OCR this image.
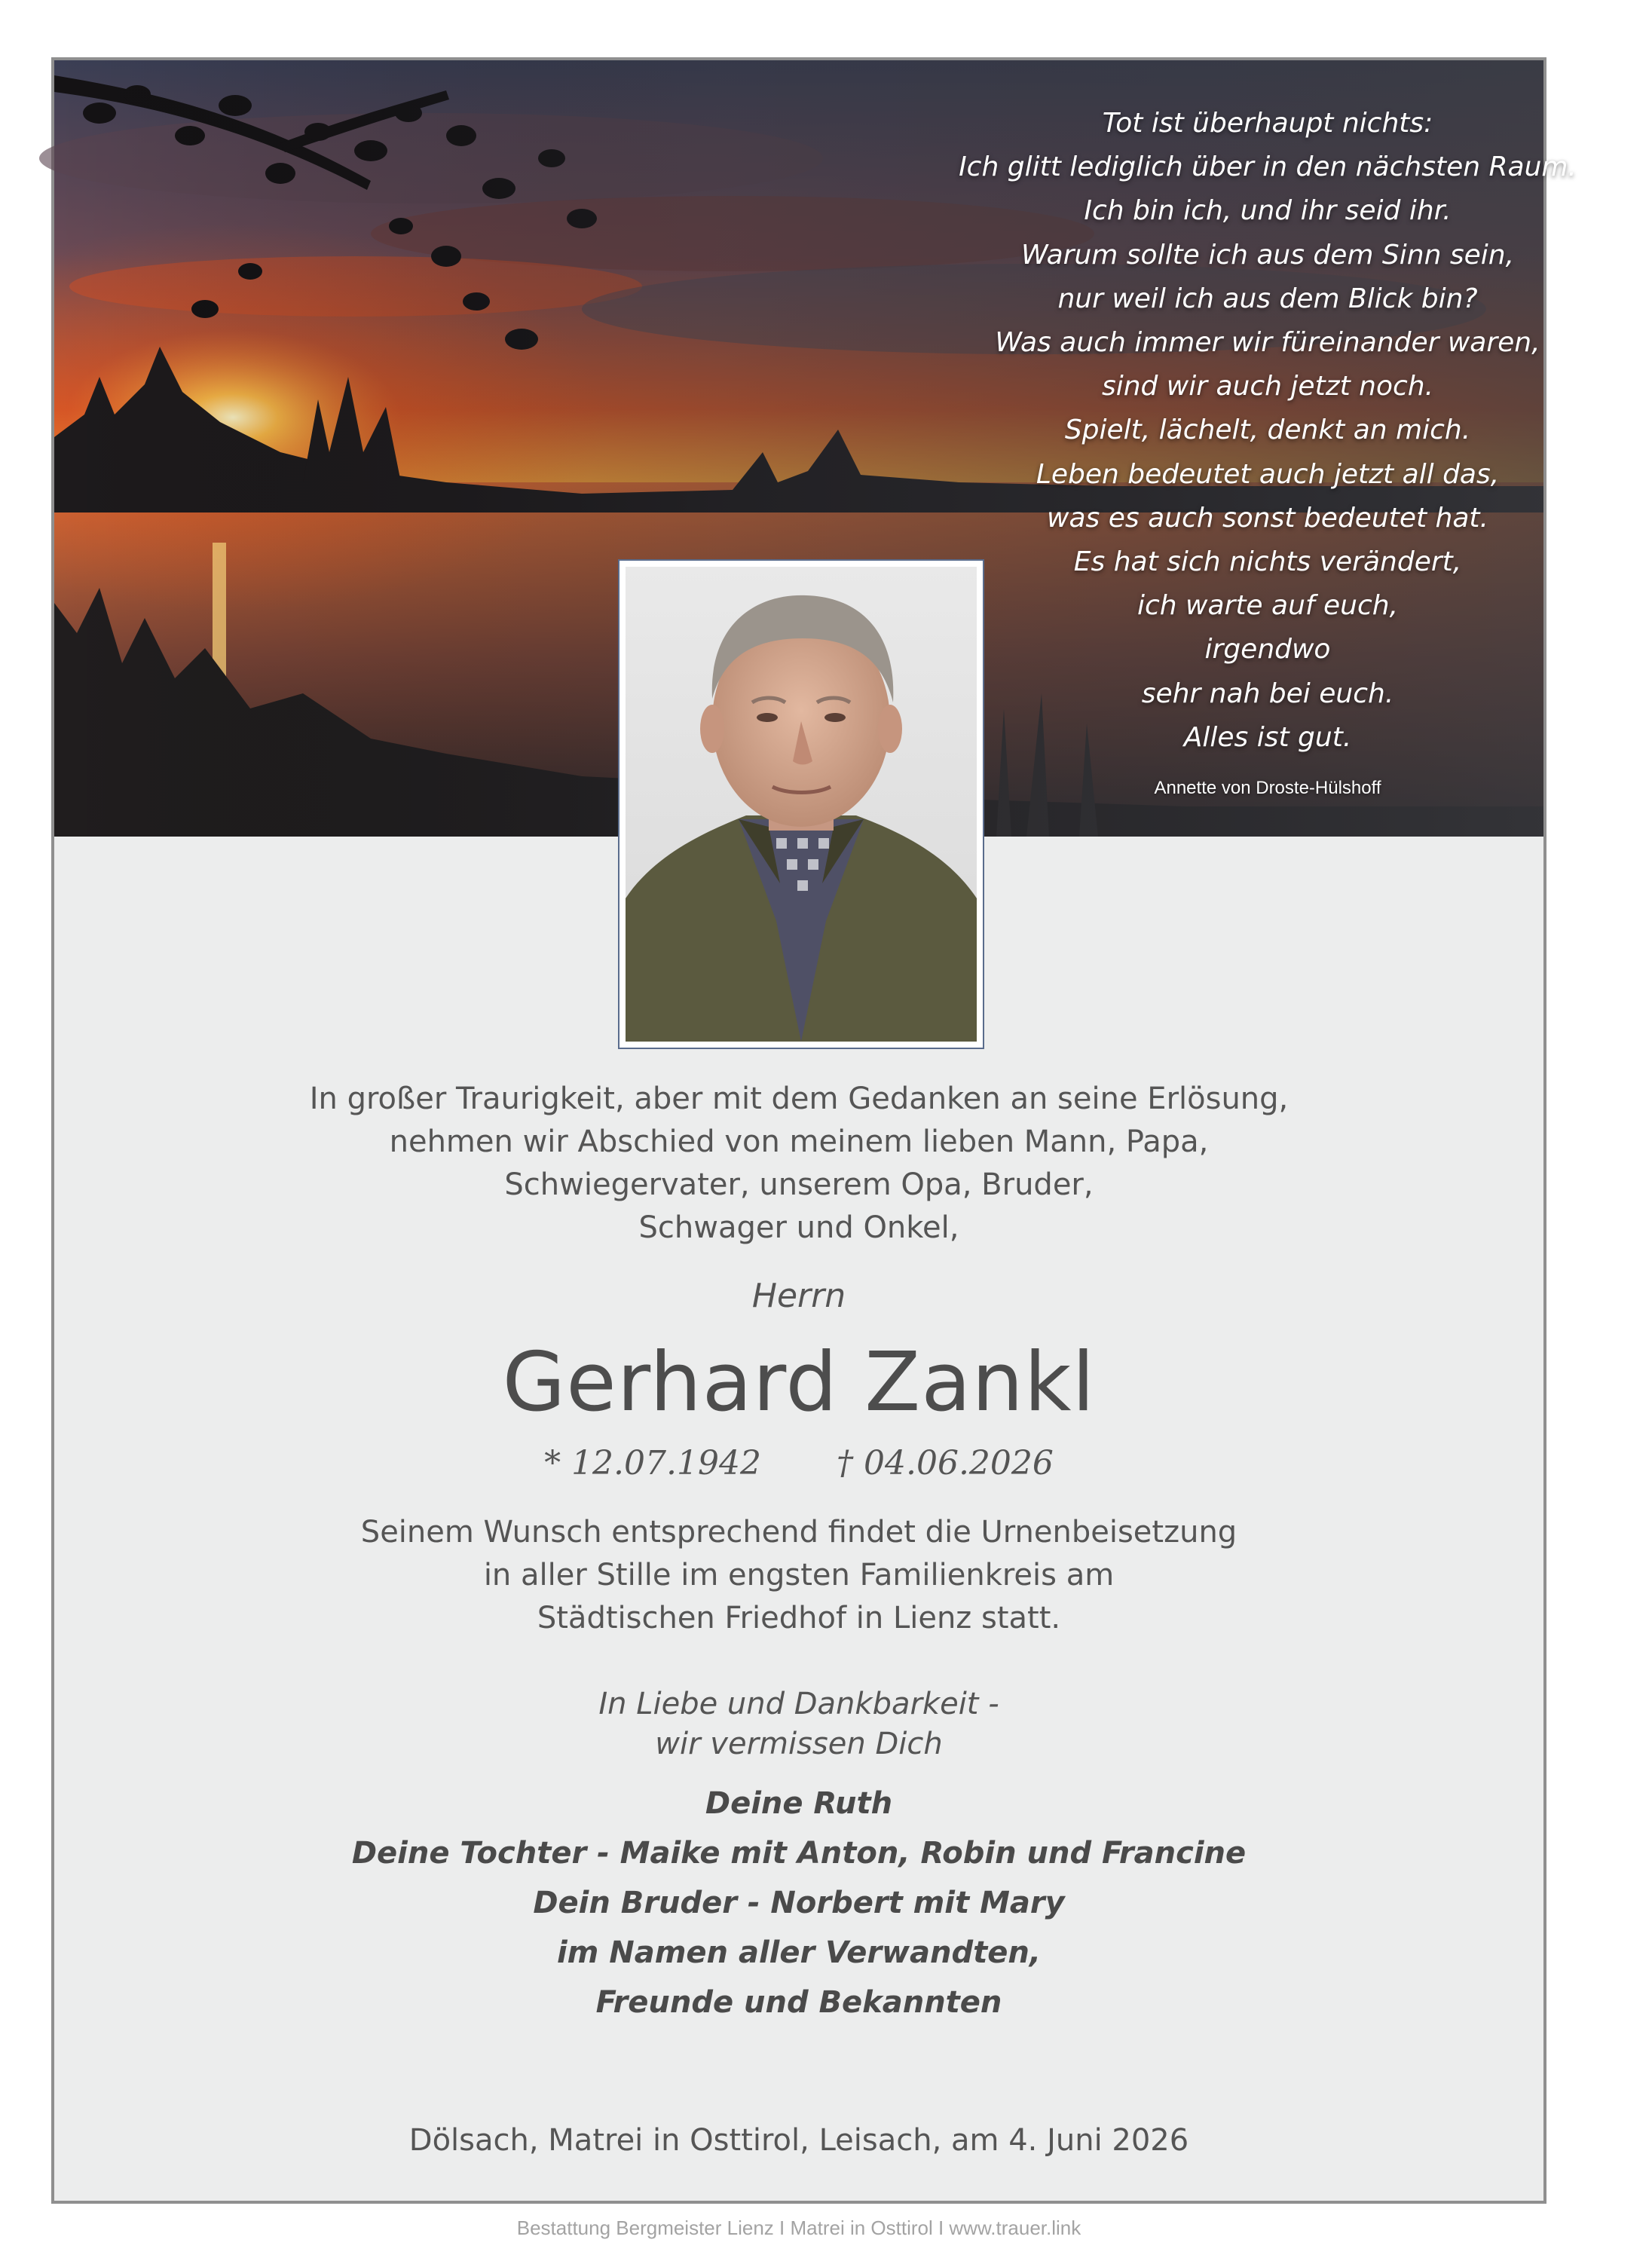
Tot ist überhaupt nichts:
Ich glitt lediglich über in den nächsten Raum.
Ich bin ich, und ihr seid ihr.
Warum sollte ich aus dem Sinn sein,
nur weil ich aus dem Blick bin?
Was auch immer wir füreinander waren,
sind wir auch jetzt noch.
Spielt, lächelt, denkt an mich.
Leben bedeutet auch jetzt all das,
was es auch sonst bedeutet hat.
Es hat sich nichts verändert,
ich warte auf euch,
irgendwo
sehr nah bei euch.
Alles ist gut.
Annette von Droste-Hülshoff
In großer Traurigkeit, aber mit dem Gedanken an seine Erlösung,
nehmen wir Abschied von meinem lieben Mann, Papa,
Schwiegervater, unserem Opa, Bruder,
Schwager und Onkel,
Herrn
Gerhard Zankl
* 12.07.1942 † 04.06.2026
Seinem Wunsch entsprechend findet die Urnenbeisetzung
in aller Stille im engsten Familienkreis am
Städtischen Friedhof in Lienz statt.
In Liebe und Dankbarkeit -
wir vermissen Dich
Deine Ruth
Deine Tochter - Maike mit Anton, Robin und Francine
Dein Bruder - Norbert mit Mary
im Namen aller Verwandten,
Freunde und Bekannten
Dölsach, Matrei in Osttirol, Leisach, am 4. Juni 2026
Bestattung Bergmeister Lienz I Matrei in Osttirol I www.trauer.link
